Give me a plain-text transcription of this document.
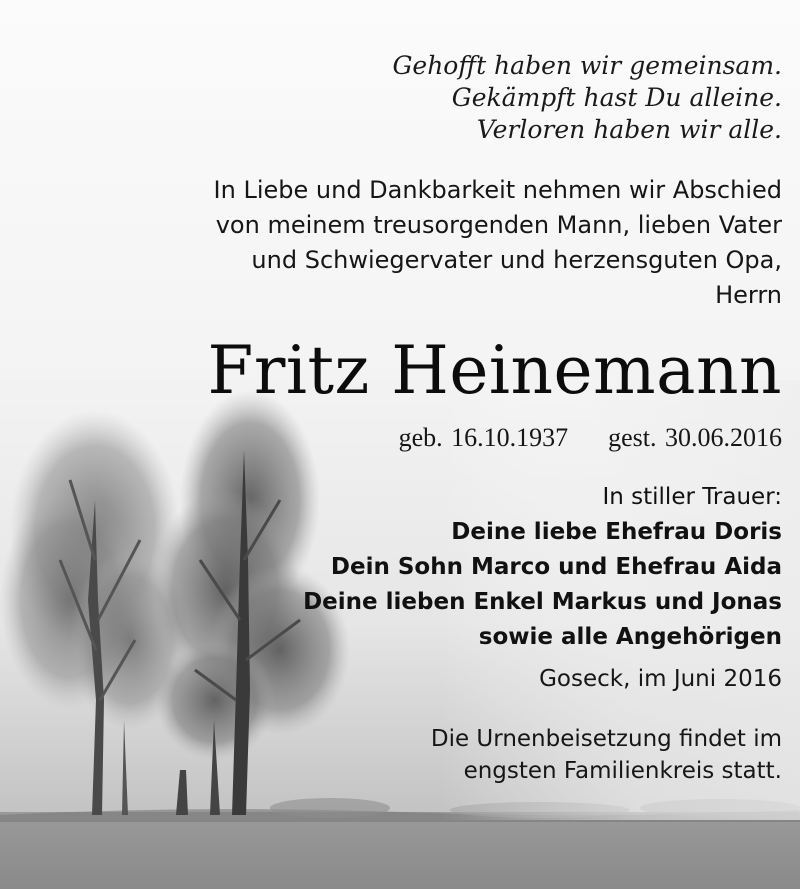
Gehofft haben wir gemeinsam.
Gekämpft hast Du alleine.
Verloren haben wir alle.
In Liebe und Dankbarkeit nehmen wir Abschied
von meinem treusorgenden Mann, lieben Vater
und Schwiegervater und herzensguten Opa,
Herrn
Fritz Heinemann
geb. 16.10.1937 gest. 30.06.2016
In stiller Trauer:
Deine liebe Ehefrau Doris
Dein Sohn Marco und Ehefrau Aida
Deine lieben Enkel Markus und Jonas
sowie alle Angehörigen
Goseck, im Juni 2016
Die Urnenbeisetzung findet im
engsten Familienkreis statt.
